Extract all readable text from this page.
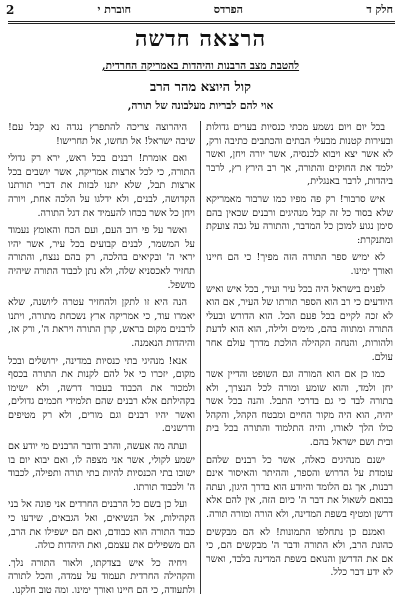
חלק ד
הפרדס
חוברת י
2
הרצאה חדשה
להטבת מצב הרבנות והיהדות באמריקה החרדית,
קול היוצא מהר הרב
אוי להם לבריות מעלבונה של תורה,

בכל יום ויום נשמע מכתי כנסיות בערים גדולות ובעירות קטנות מבעלי הבתים והכתבים כתיבה ורק, לא אשר יצא ויבוא לכנסיה, אשר יורה ויחן, ואשר ילמד את החוקים והתורה, אך רב הירץ רץ, לרבר ביהדות, לרבר באנגלית,

איש סרבור! רק פה מפיו כמו שרבור מאמריקא שלא בסוד כל זה קבל מנהיגים ורבנים שכאין בהם סימן נגוע למוכן כל המדבר, והתורה על גבה צועקת ומתנקרת:

לא ימיש ספר התורה הזה מפיך! כי הם חיינו ואורך ימינו.

לפנים בישראל היה בכל עיר ועיר, בכל איש ואיש היודעים כי רב הוא הספר תורתו של העיר, אם הוא לא זכה לקיים בכל פעם הכל. הוא הדורש ובעלי התורה ומתווה בהם, מימים ולילה, הוא הוא לדעת ולהורות, והנחה הקהילה הולכת מדרך עולם אחר עולם.

כמו כן אם הוא המורה וגם השופט והדיין אשר יחן ולמד, והוא שומע ומורה לכל הנצרך, ולא בתורה לבד כי גם בדרכי התבל. והנה בכל אשר יהיה, הוא היה מקור החיים ומבטח הקהל, והקהל כולו הלך לאורו, והיה התלמוד והתורה בכל בית ובית ושם ישראל בהם.

ישנם מנהיגים כאלה, אשר כל רבנים שלהם עומדת על הדרוש והספר, וההיתר והאיסור אינם רבנות, אך גם הלומד והיודע הוא בדרך היגון, ועתה בבואם לשאול את דבר ה' כיום הזה, אין להם אלא דרשן ומטיף בשפת המדינה, ולא הורה ומורה תורה.

ואמנם כן נתחלפו התמונות! לא הם מבקשים כהונת הרב, ולא התורה ודבר ה' מבקשים הם, כי אם את הדרשן והנואם בשפת המדינה בלבד, ואשר לא ידע דבר כלל.

היהרוצה צריכה להתפרץ נגדה נא קבל עם! שיבה ישראל! אל תחשו, אל תחרישו!

ואם אומרת! רבנים בכל ראש, ירא רק גדולי התורה, כי לכל ארצות אמריקה, אשר יושבים בכל ארצות תבל, שלא יתנו לבזות את דברי תורתנו הקדושה, לבנים, ולא ידלגו על הלכה אחת, ויורה ויחן כל אשר בכחו להעמיד את דגל התורה.

ואשר על פי רוב העם, ועם הכח והאומץ נעמוד על המשמר, לבנים קבועים בכל עיר, אשר יהיו יראי ה' ובקיאים בהלכה, רק בהם ננצח, והתורה תחזיר לאכסניא שלה, ולא נתן לכבוד התורה שיהיה מושפל.

הנה היא זו לתקן ולהחזיר עטרה ליושנה, שלא יאמרו עוד, כי אמריקה ארץ נשכחת מתורה, ויתנו לרבנים מקום בראש, קרן התורה ויראת ה', ורק אז, והיהדות הנאמנה.

אנא! מנהיגי בתי כנסיות במדינה, ירושלים ובכל מקום, יזכרו כי אל להם לקנות את התורה בכסף ולמכור את הכבוד בעבור דרשה, ולא ישימו בקהילתם אלא רבנים שהם תלמידי חכמים גדולים, ואשר יהיו רבנים וגם מורים, ולא רק מטיפים ודרשנים.

ועתה מה אעשה, והרב ודובר הרבנים מי יודע אם ישמע לקולי, אשר אני מצפה לו, ואם יבוא יום בו ישובו בתי הכנסיות להיות בתי תורה ותפילה, לכבוד ה' ולכבוד תורתו.

ועל כן בשם כל הרבנים החרדים אני פונה אל בני הקהילות, אל הנשיאים, ואל הגבאים, שידעו כי כבוד התורה הוא כבודם, ואם הם ישפילו את הרב, הם משפילים את עצמם, ואת היהדות כולה.

ויחיה כל איש בצדקתו, ולאור התורה נלך. והקהילה החרדית תעמוד על עמדה, והכל לתורה ולתעודה, כי הם חיינו ואורך ימינו. ומה טוב חלקנו.
